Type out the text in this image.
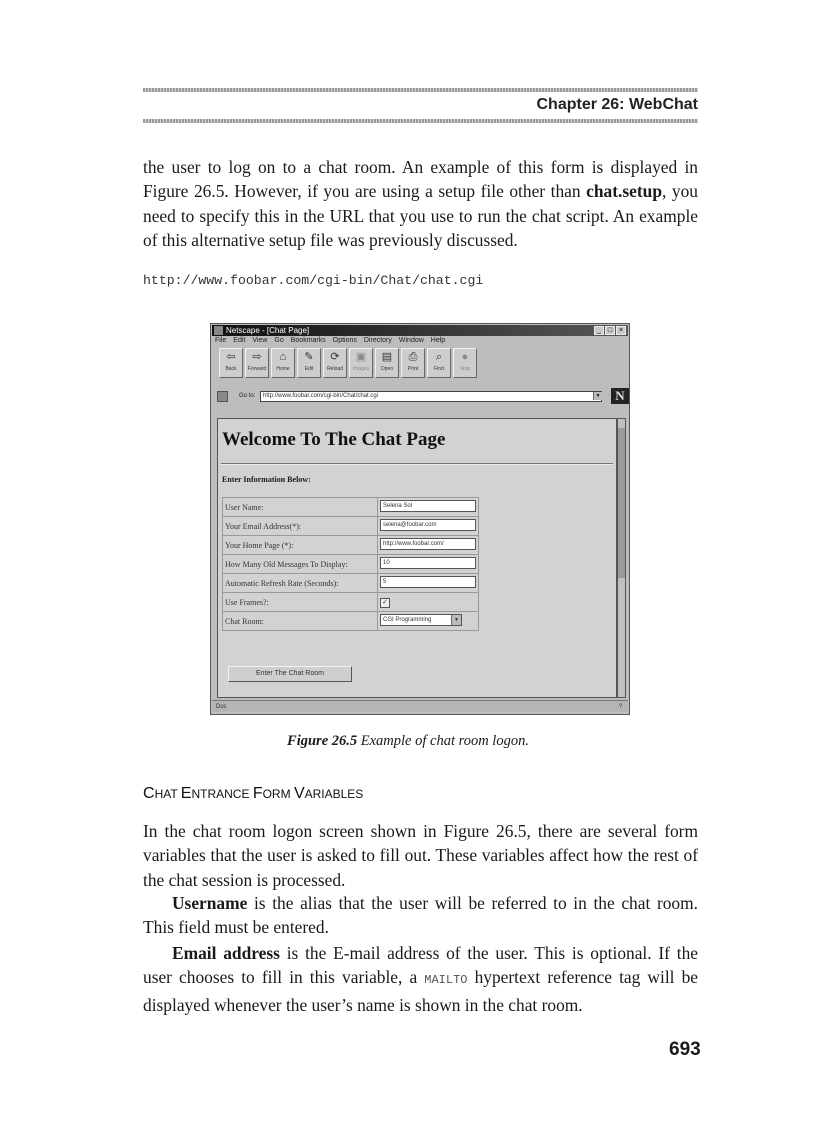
Chapter 26: WebChat

the user to log on to a chat room. An example of this form is displayed in Figure 26.5. However, if you are using a setup file other than chat.setup, you need to specify this in the URL that you use to run the chat script. An example of this alternative setup file was previously discussed.

http://www.foobar.com/cgi-bin/Chat/chat.cgi
Netscape - [Chat Page]	_ □ ×
File Edit View Go Bookmarks Options Directory Window Help
⇦
Back
⇨
Forward
⌂
Home
✎
Edit
⟳
Reload
▣
Images
▤
Open
⎙
Print
⌕
Find
●
Stop
Go to:	http://www.foobar.com/cgi-bin/Chat/chat.cgi	▼	N
Welcome To The Chat Page
Enter Information Below:
User Name:	Selena Sol
Your Email Address(*):	selena@foobar.com
Your Home Page (*):	http://www.foobar.com/
How Many Old Messages To Display:	10
Automatic Refresh Rate (Seconds):	5
Use Frames?:	✓
Chat Room:	CGI Programming ▼
Enter The Chat Room
Doc	?
Figure 26.5 Example of chat room logon.
CHAT ENTRANCE FORM VARIABLES

In the chat room logon screen shown in Figure 26.5, there are several form variables that the user is asked to fill out. These variables affect how the rest of the chat session is processed.

Username is the alias that the user will be referred to in the chat room. This field must be entered.

Email address is the E-mail address of the user. This is optional. If the user chooses to fill in this variable, a MAILTO hypertext reference tag will be displayed whenever the user’s name is shown in the chat room.

693
